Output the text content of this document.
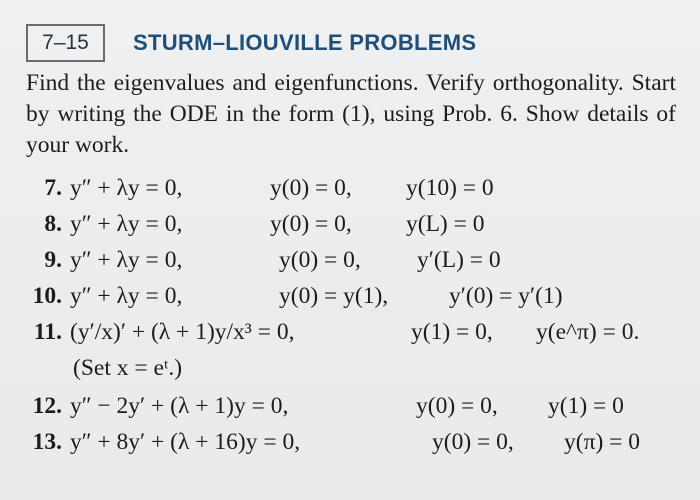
7–15	STURM–LIOUVILLE PROBLEMS
Find the eigenvalues and eigenfunctions. Verify orthogonality. Start by writing the ODE in the form (1), using Prob. 6. Show details of your work.
7. y″ + λy = 0,	y(0) = 0, y(10) = 0
8. y″ + λy = 0,	y(0) = 0, y(L) = 0
9. y″ + λy = 0,	y(0) = 0, y′(L) = 0
10. y″ + λy = 0,	y(0) = y(1),	y′(0) = y′(1)
11. (y′/x)′ + (λ + 1)y/x³ = 0,	y(1) = 0, y(e^π) = 0.
(Set x = eᵗ.)
12. y″ − 2y′ + (λ + 1)y = 0,	y(0) = 0, y(1) = 0
13. y″ + 8y′ + (λ + 16)y = 0,	y(0) = 0, y(π) = 0
